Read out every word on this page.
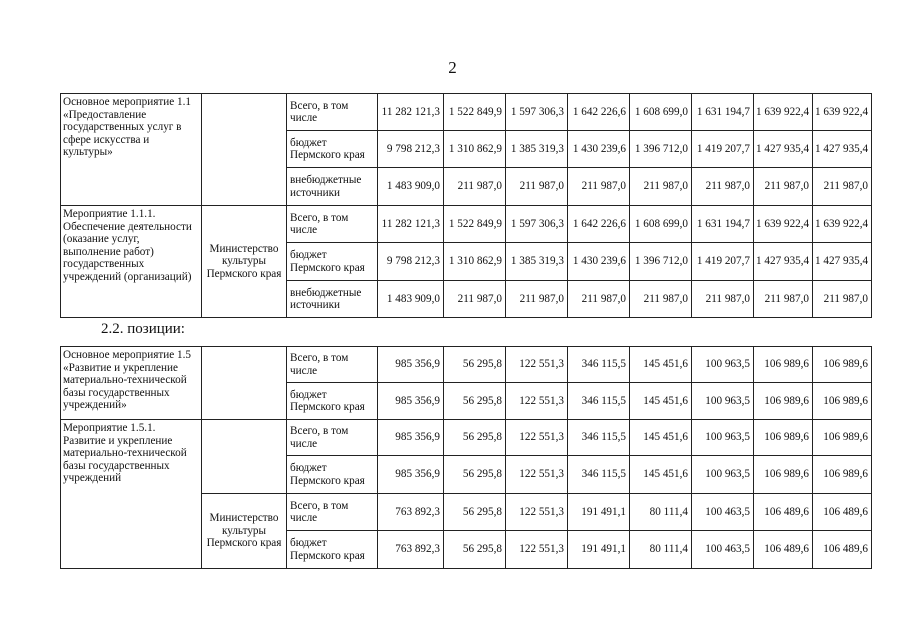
2
Основное мероприятие 1.1 «Предоставление государственных услуг в сфере искусства и культуры»		Всего, в том числе	11 282 121,3	1 522 849,9	1 597 306,3	1 642 226,6	1 608 699,0	1 631 194,7	1 639 922,4	1 639 922,4
		бюджет Пермского края	9 798 212,3	1 310 862,9	1 385 319,3	1 430 239,6	1 396 712,0	1 419 207,7	1 427 935,4	1 427 935,4
		внебюджетные источники	1 483 909,0	211 987,0	211 987,0	211 987,0	211 987,0	211 987,0	211 987,0	211 987,0
Мероприятие 1.1.1. Обеспечение деятельности (оказание услуг, выполнение работ) государственных учреждений (организаций)	Министерство культуры Пермского края	Всего, в том числе	11 282 121,3	1 522 849,9	1 597 306,3	1 642 226,6	1 608 699,0	1 631 194,7	1 639 922,4	1 639 922,4
		бюджет Пермского края	9 798 212,3	1 310 862,9	1 385 319,3	1 430 239,6	1 396 712,0	1 419 207,7	1 427 935,4	1 427 935,4
		внебюджетные источники	1 483 909,0	211 987,0	211 987,0	211 987,0	211 987,0	211 987,0	211 987,0	211 987,0
2.2. позиции:
Основное мероприятие 1.5 «Развитие и укрепление материально-технической базы государственных учреждений»		Всего, в том числе	985 356,9	56 295,8	122 551,3	346 115,5	145 451,6	100 963,5	106 989,6	106 989,6
		бюджет Пермского края	985 356,9	56 295,8	122 551,3	346 115,5	145 451,6	100 963,5	106 989,6	106 989,6
Мероприятие 1.5.1. Развитие и укрепление материально-технической базы государственных учреждений		Всего, в том числе	985 356,9	56 295,8	122 551,3	346 115,5	145 451,6	100 963,5	106 989,6	106 989,6
		бюджет Пермского края	985 356,9	56 295,8	122 551,3	346 115,5	145 451,6	100 963,5	106 989,6	106 989,6
	Министерство культуры Пермского края	Всего, в том числе	763 892,3	56 295,8	122 551,3	191 491,1	80 111,4	100 463,5	106 489,6	106 489,6
		бюджет Пермского края	763 892,3	56 295,8	122 551,3	191 491,1	80 111,4	100 463,5	106 489,6	106 489,6
